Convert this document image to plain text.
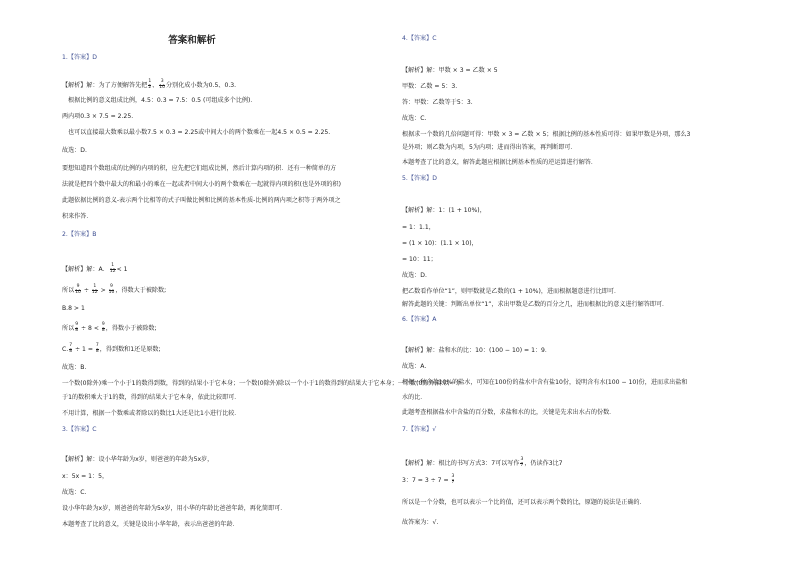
答案和解析
1.【答案】D
【解析】解：为了方便解答先把 $\frac{1}{2}$ 、 $\frac{3}{10}$ 分别化成小数为0.5、0.3.
根据比例的意义组成比例，4.5：0.3 = 7.5：0.5 (可组成多个比例)．
两内项0.3 × 7.5 = 2.25.
也可以直接最大数乘以最小数7.5 × 0.3 = 2.25或中间大小的两个数乘在一起4.5 × 0.5 = 2.25.
故选：D.
要想知道四个数组成的比例的内项的积，应先把它们组成比例，然后计算内项的积．还有一种简单的方
法就是把四个数中最大的和最小的乘在一起或者中间大小的两个数乘在一起就得内项的积(也是外项的积)
此题依据比例的意义-表示两个比相等的式子叫做比例和比例的基本性质-比例的两内项之积等于两外项之
积来作答．
2.【答案】B
【解析】解：A． $\frac{1}{12} < 1$
所以 $\frac{9}{10} \div \frac{1}{12} > \frac{9}{10}$ ，得数大于被除数;
B.8 > 1
所以 $\frac{9}{8} \div 8 < \frac{9}{8}$ ，得数小于被除数;
C. $\frac{7}{8} \div 1 = \frac{7}{8}$ ，得到数和1还是原数;
故选：B.
一个数(0除外)乘一个小于1的数得到数，得到的结果小于它本身；一个数(0除外)除以一个小于1的数得到的结果大于它本身；一个数(0除外)除以一个
于1的数积乘大于1的数，得到的结果大于它本身，依此比较即可．
不用计算，根据一个数乘或者除以的数比1大还是比1小进行比较．
3.【答案】C
【解析】解：设小华年龄为x岁，则爸爸的年龄为5x岁，
x：5x = 1：5，
故选：C.
设小华年龄为x岁，则爸爸的年龄为5x岁，用小华的年龄比爸爸年龄，再化简即可．
本题考查了比的意义，关键是设出小华年龄，表示出爸爸的年龄．
4.【答案】C
【解析】解：甲数 × 3 = 乙数 × 5
甲数：乙数 = 5：3.
答：甲数：乙数等于5：3.
故选：C.
根据求一个数的几倍问题可得：甲数 × 3 = 乙数 × 5；根据比例的基本性质可得：如果甲数是外项，那么3
是外项；则乙数为内项，5为内项；进而得出答案，再判断即可．
本题考查了比的意义，解答此题应根据比例基本性质的逆运算进行解答．
5.【答案】D
【解析】解：1：(1 + 10%)，
= 1：1.1，
= (1 × 10)：(1.1 × 10)，
= 10：11；
故选：D.
把乙数看作单位“1”，则甲数就是乙数的(1 + 10%)，进而根据题意进行比即可．
解答此题的关键：判断出单位“1”，求出甲数是乙数的百分之几，进而根据比的意义进行解答即可．
6.【答案】A
【解析】解：盐和水的比：10：(100 − 10) = 1：9．
故选：A.
根据一种含盐10%的盐水，可知在100份的盐水中含有盐10份，说明含有水(100 − 10)份，进而求出盐和
水的比．
此题考查根据盐水中含盐的百分数，求盐和水的比，关键是先求出水占的份数．
7.【答案】√
【解析】解：根比的书写方式3：7可以写作 $\frac{3}{7}$ ，仍读作3比7
3：$7 = 3 \div 7 = \frac{3}{7}$
所以是一个分数，也可以表示一个比的值，还可以表示两个数的比，原题的说法是正确的．
故答案为：√.
